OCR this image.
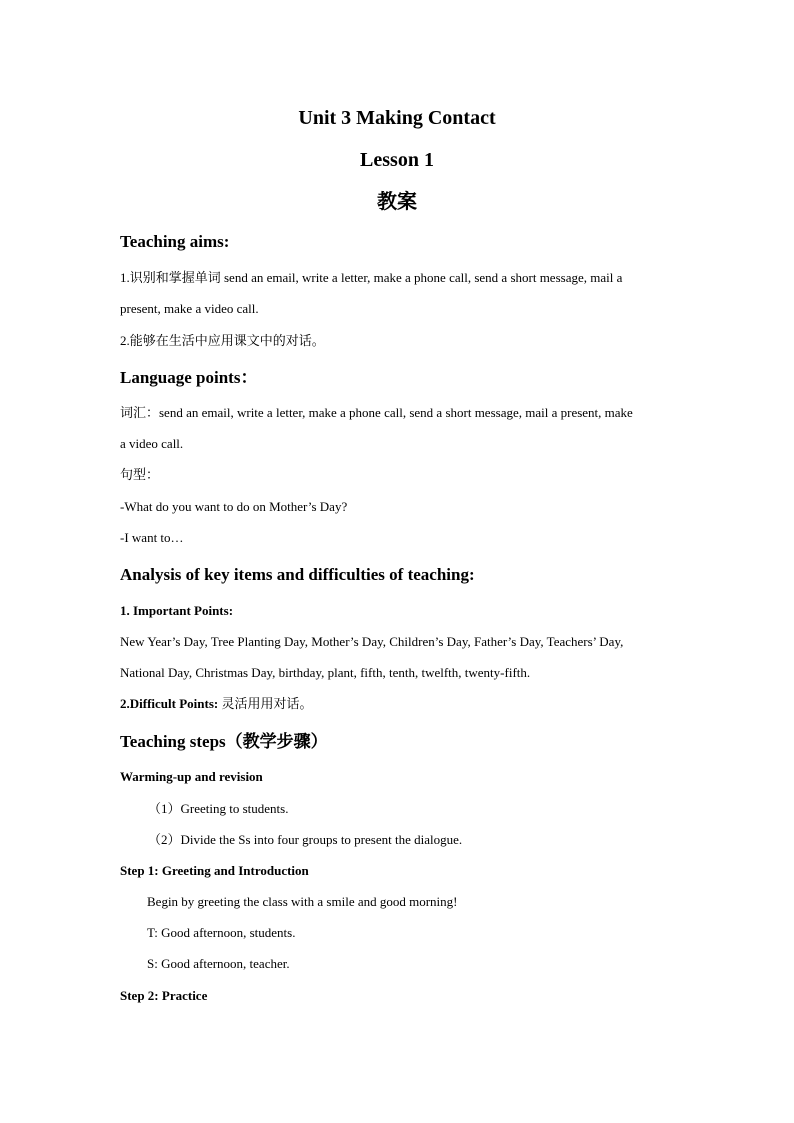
Unit 3 Making Contact
Lesson 1
教案
Teaching aims:
1.识别和掌握单词 send an email, write a letter, make a phone call, send a short message, mail a
present, make a video call.
2.能够在生活中应用课文中的对话。
Language points：
词汇：send an email, write a letter, make a phone call, send a short message, mail a present, make
a video call.
句型：
-What do you want to do on Mother’s Day?
-I want to…
Analysis of key items and difficulties of teaching:
1. Important Points:
New Year’s Day, Tree Planting Day, Mother’s Day, Children’s Day, Father’s Day, Teachers’ Day,
National Day, Christmas Day, birthday, plant, fifth, tenth, twelfth, twenty-fifth.
2.Difficult Points: 灵活用用对话。
Teaching steps（教学步骤）
Warming-up and revision
（1）Greeting to students.
（2）Divide the Ss into four groups to present the dialogue.
Step 1: Greeting and Introduction
Begin by greeting the class with a smile and good morning!
T: Good afternoon, students.
S: Good afternoon, teacher.
Step 2: Practice
